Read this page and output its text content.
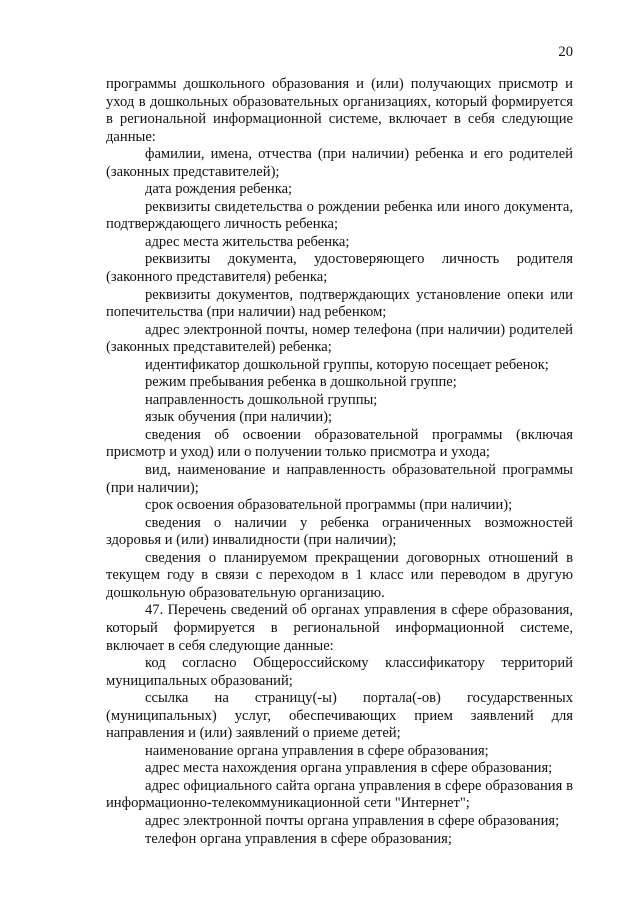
20

программы дошкольного образования и (или) получающих присмотр и уход в дошкольных образовательных организациях, который формируется в региональной информационной системе, включает в себя следующие данные:

фамилии, имена, отчества (при наличии) ребенка и его родителей (законных представителей);

дата рождения ребенка;

реквизиты свидетельства о рождении ребенка или иного документа, подтверждающего личность ребенка;

адрес места жительства ребенка;

реквизиты документа, удостоверяющего личность родителя (законного представителя) ребенка;

реквизиты документов, подтверждающих установление опеки или попечительства (при наличии) над ребенком;

адрес электронной почты, номер телефона (при наличии) родителей (законных представителей) ребенка;

идентификатор дошкольной группы, которую посещает ребенок;

режим пребывания ребенка в дошкольной группе;

направленность дошкольной группы;

язык обучения (при наличии);

сведения об освоении образовательной программы (включая присмотр и уход) или о получении только присмотра и ухода;

вид, наименование и направленность образовательной программы (при наличии);

срок освоения образовательной программы (при наличии);

сведения о наличии у ребенка ограниченных возможностей здоровья и (или) инвалидности (при наличии);

сведения о планируемом прекращении договорных отношений в текущем году в связи с переходом в 1 класс или переводом в другую дошкольную образовательную организацию.

47. Перечень сведений об органах управления в сфере образования, который формируется в региональной информационной системе, включает в себя следующие данные:

код согласно Общероссийскому классификатору территорий муниципальных образований;

ссылка на страницу(-ы) портала(-ов) государственных (муниципальных) услуг, обеспечивающих прием заявлений для направления и (или) заявлений о приеме детей;

наименование органа управления в сфере образования;

адрес места нахождения органа управления в сфере образования;

адрес официального сайта органа управления в сфере образования в информационно-телекоммуникационной сети "Интернет";

адрес электронной почты органа управления в сфере образования;

телефон органа управления в сфере образования;
